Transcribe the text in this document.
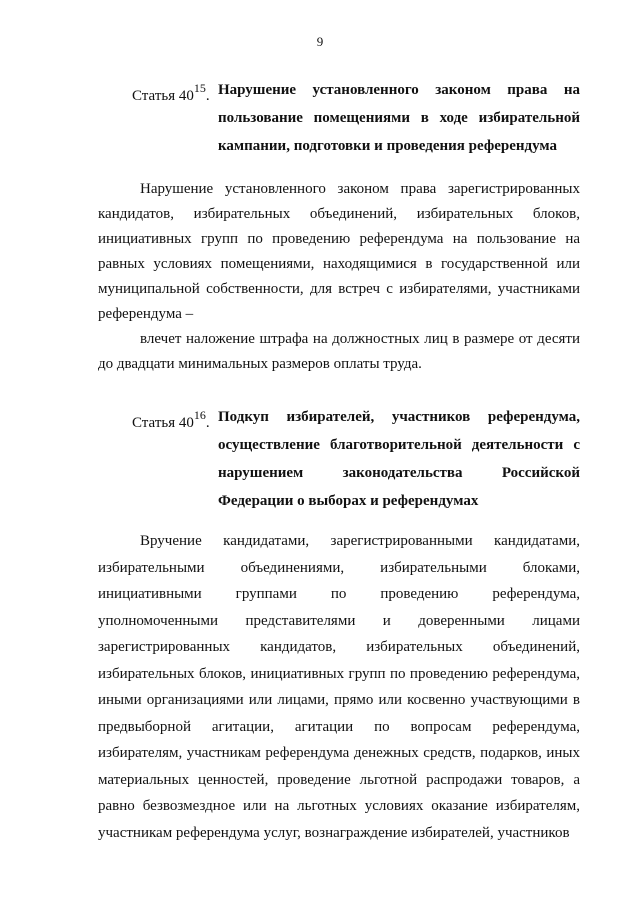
9
Статья $40^{15}$. Нарушение установленного законом права на пользование помещениями в ходе избирательной кампании, подготовки и проведения референдума

Нарушение установленного законом права зарегистрированных кандидатов, избирательных объединений, избирательных блоков, инициативных групп по проведению референдума на пользование на равных условиях помещениями, находящимися в государственной или муниципальной собственности, для встреч с избирателями, участниками референдума –

влечет наложение штрафа на должностных лиц в размере от десяти до двадцати минимальных размеров оплаты труда.

Статья $40^{16}$. Подкуп избирателей, участников референдума, осуществление благотворительной деятельности с нарушением законодательства Российской Федерации о выборах и референдумах

Вручение кандидатами, зарегистрированными кандидатами, избирательными объединениями, избирательными блоками, инициативными группами по проведению референдума, уполномоченными представителями и доверенными лицами зарегистрированных кандидатов, избирательных объединений, избирательных блоков, инициативных групп по проведению референдума, иными организациями или лицами, прямо или косвенно участвующими в предвыборной агитации, агитации по вопросам референдума, избирателям, участникам референдума денежных средств, подарков, иных материальных ценностей, проведение льготной распродажи товаров, а равно безвозмездное или на льготных условиях оказание избирателям, участникам референдума услуг, вознаграждение избирателей, участников
